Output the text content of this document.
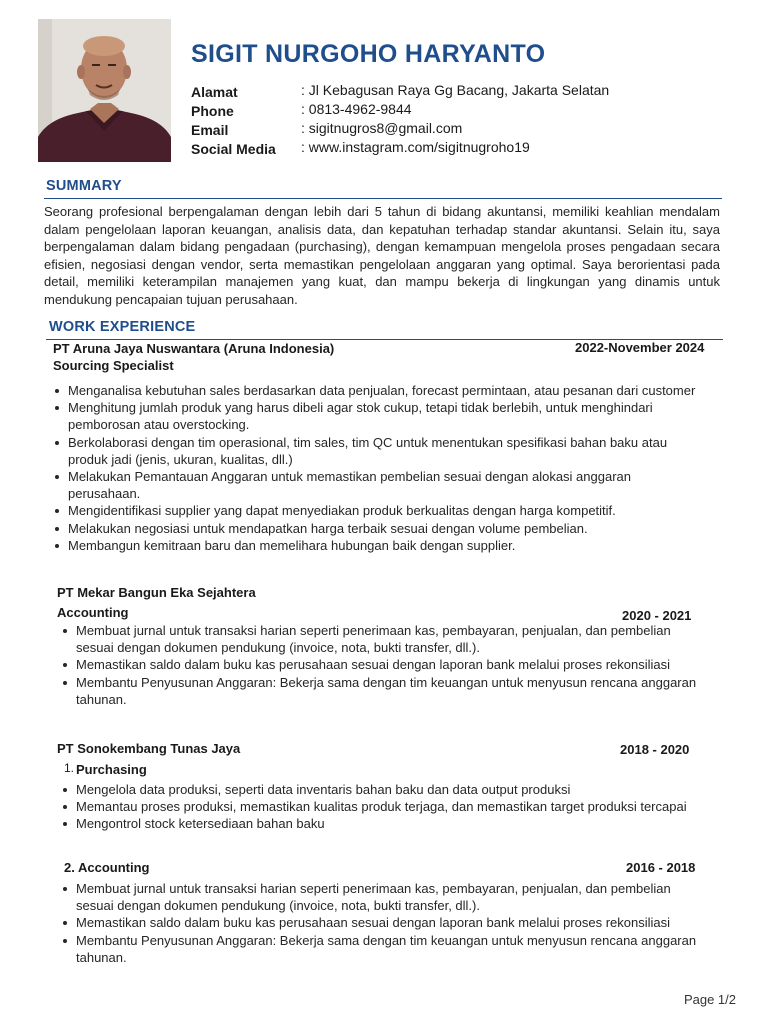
SIGIT NURGOHO HARYANTO
Alamat	: Jl Kebagusan Raya Gg Bacang, Jakarta Selatan
Phone	: 0813-4962-9844
Email	: sigitnugros8@gmail.com
Social Media	: www.instagram.com/sigitnugroho19
SUMMARY
Seorang profesional berpengalaman dengan lebih dari 5 tahun di bidang akuntansi, memiliki keahlian mendalam dalam pengelolaan laporan keuangan, analisis data, dan kepatuhan terhadap standar akuntansi. Selain itu, saya berpengalaman dalam bidang pengadaan (purchasing), dengan kemampuan mengelola proses pengadaan secara efisien, negosiasi dengan vendor, serta memastikan pengelolaan anggaran yang optimal. Saya berorientasi pada detail, memiliki keterampilan manajemen yang kuat, dan mampu bekerja di lingkungan yang dinamis untuk mendukung pencapaian tujuan perusahaan.
WORK EXPERIENCE
PT Aruna Jaya Nuswantara (Aruna Indonesia)	2022-November 2024
Sourcing Specialist
Menganalisa kebutuhan sales berdasarkan data penjualan, forecast permintaan, atau pesanan dari customer
Menghitung jumlah produk yang harus dibeli agar stok cukup, tetapi tidak berlebih, untuk menghindari pemborosan atau overstocking.
Berkolaborasi dengan tim operasional, tim sales, tim QC untuk menentukan spesifikasi bahan baku atau produk jadi (jenis, ukuran, kualitas, dll.)
Melakukan Pemantauan Anggaran untuk memastikan pembelian sesuai dengan alokasi anggaran perusahaan.
Mengidentifikasi supplier yang dapat menyediakan produk berkualitas dengan harga kompetitif.
Melakukan negosiasi untuk mendapatkan harga terbaik sesuai dengan volume pembelian.
Membangun kemitraan baru dan memelihara hubungan baik dengan supplier.
PT Mekar Bangun Eka Sejahtera
Accounting	2020 - 2021
Membuat jurnal untuk transaksi harian seperti penerimaan kas, pembayaran, penjualan, dan pembelian sesuai dengan dokumen pendukung (invoice, nota, bukti transfer, dll.).
Memastikan saldo dalam buku kas perusahaan sesuai dengan laporan bank melalui proses rekonsiliasi
Membantu Penyusunan Anggaran: Bekerja sama dengan tim keuangan untuk menyusun rencana anggaran tahunan.
PT Sonokembang Tunas Jaya	2018 - 2020
1. Purchasing
Mengelola data produksi, seperti data inventaris bahan baku dan data output produksi
Memantau proses produksi, memastikan kualitas produk terjaga, dan memastikan target produksi tercapai
Mengontrol stock ketersediaan bahan baku
2. Accounting	2016 - 2018
Membuat jurnal untuk transaksi harian seperti penerimaan kas, pembayaran, penjualan, dan pembelian sesuai dengan dokumen pendukung (invoice, nota, bukti transfer, dll.).
Memastikan saldo dalam buku kas perusahaan sesuai dengan laporan bank melalui proses rekonsiliasi
Membantu Penyusunan Anggaran: Bekerja sama dengan tim keuangan untuk menyusun rencana anggaran tahunan.
Page 1/2
